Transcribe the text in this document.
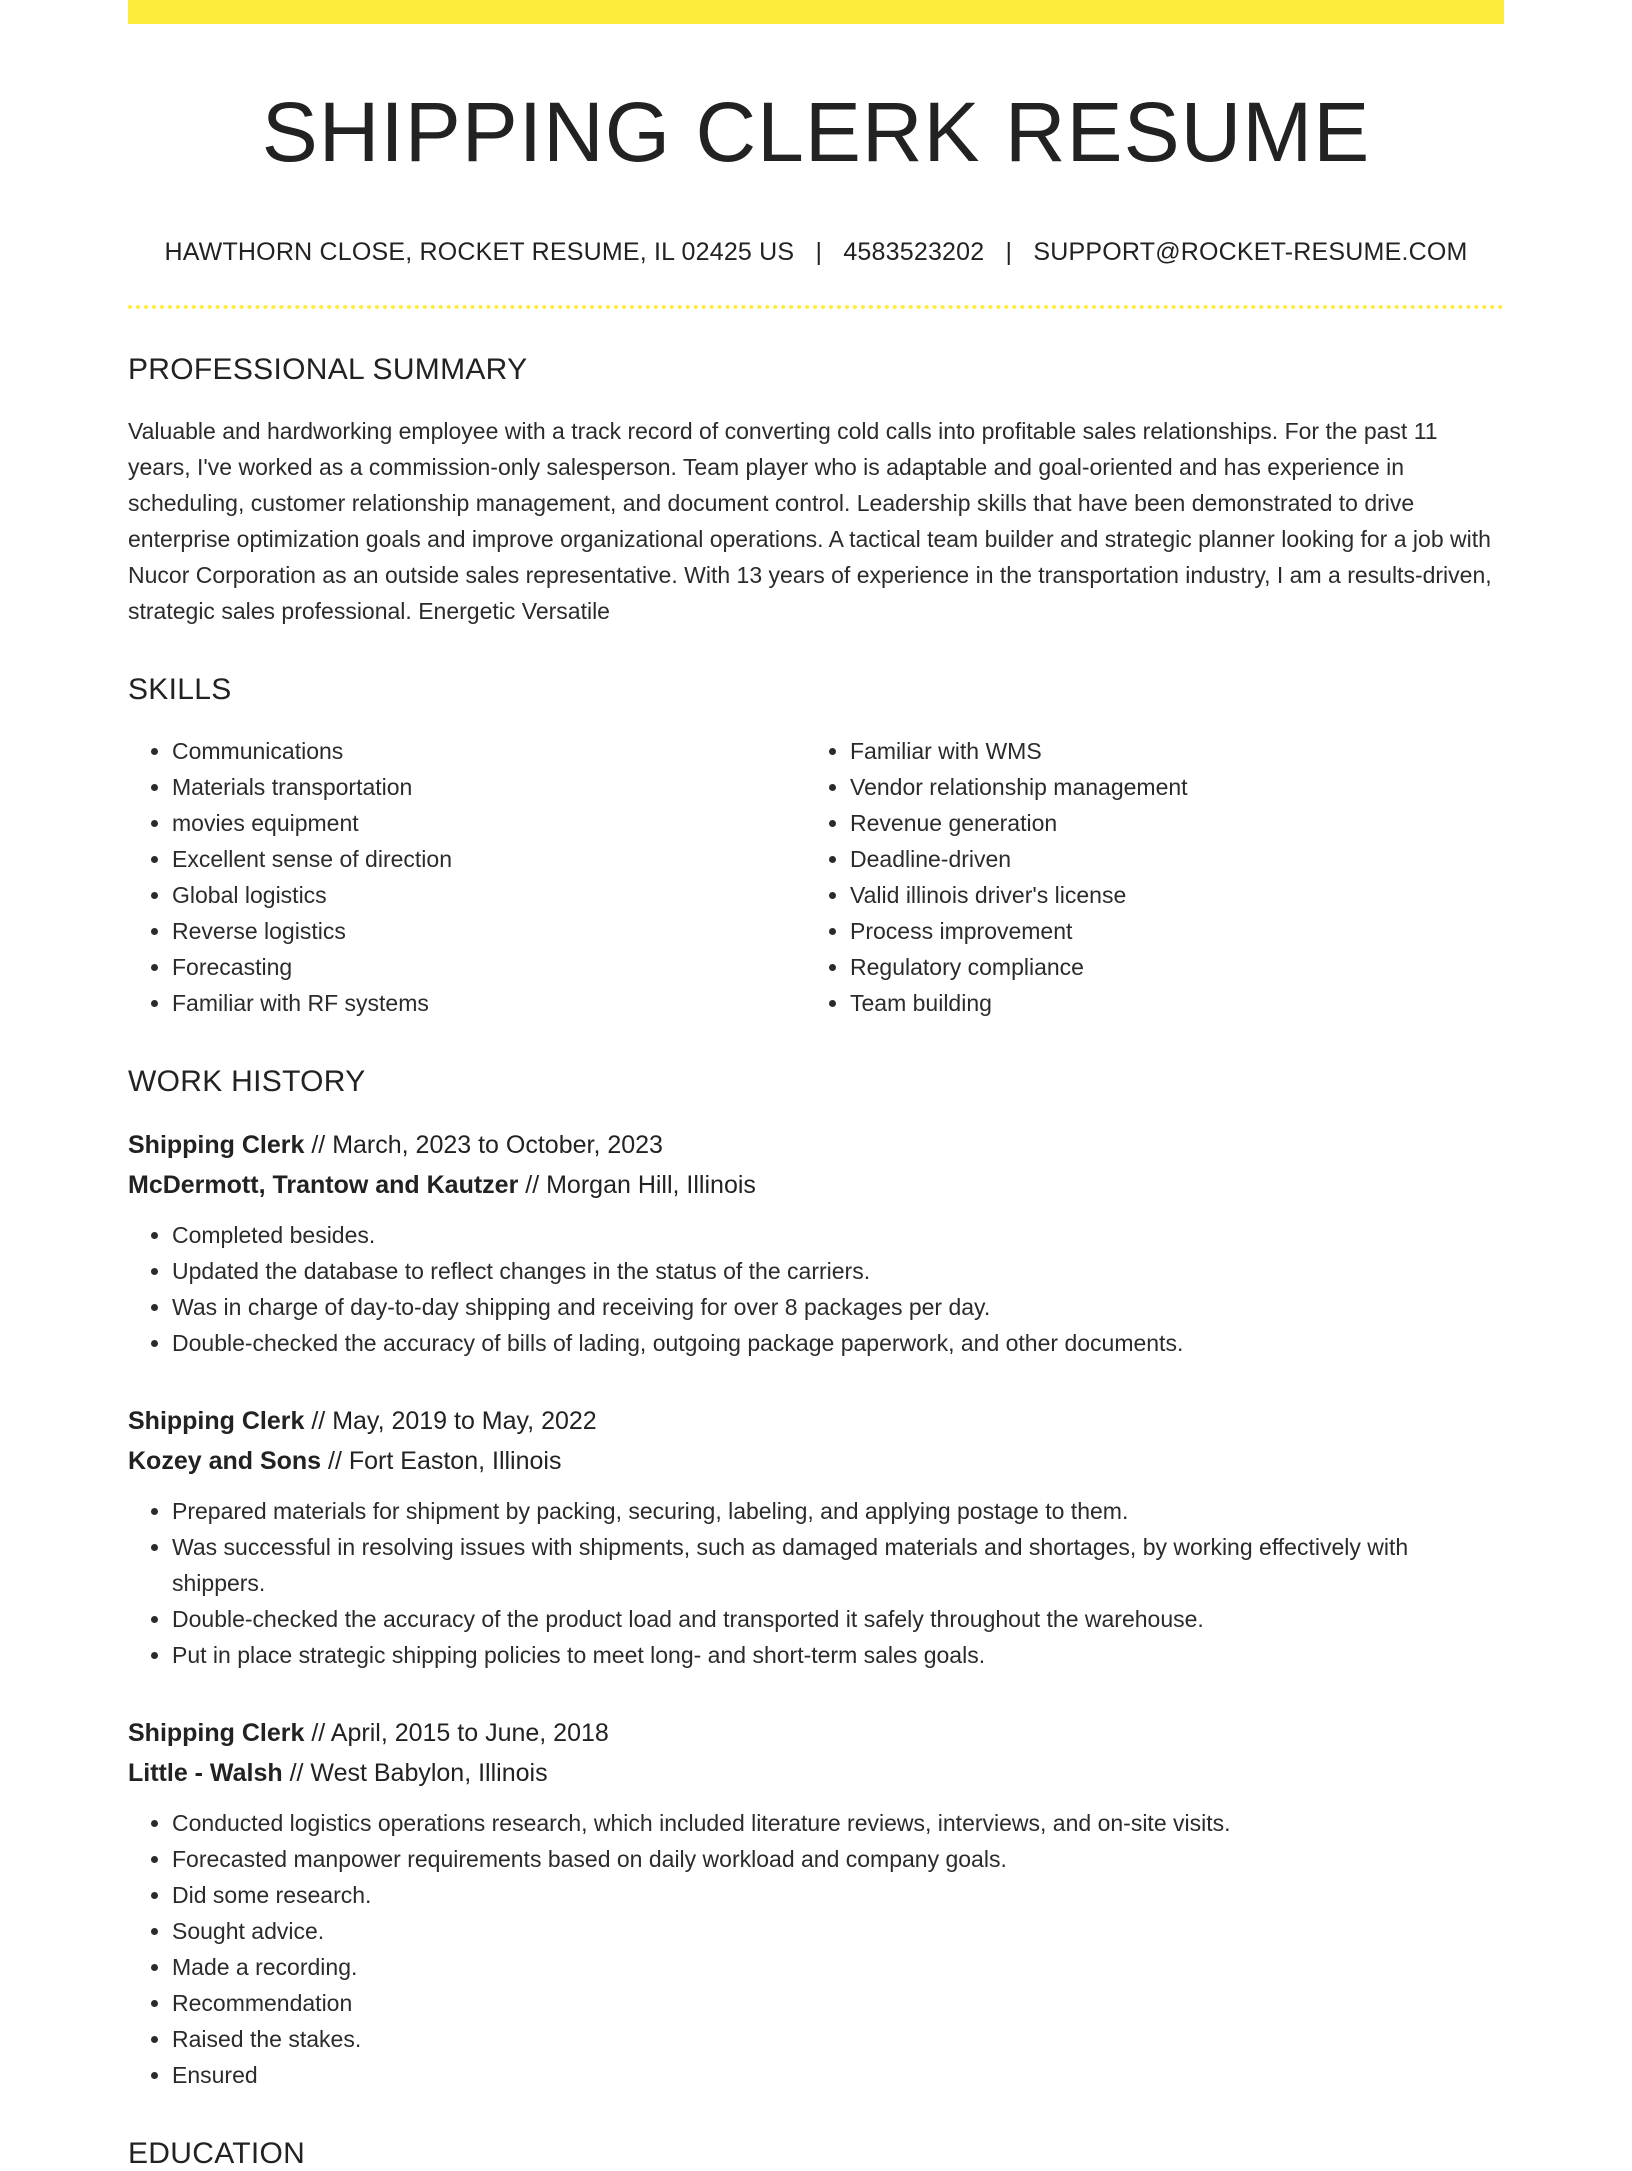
SHIPPING CLERK RESUME
HAWTHORN CLOSE, ROCKET RESUME, IL 02425 US | 4583523202 | SUPPORT@ROCKET-RESUME.COM
PROFESSIONAL SUMMARY
Valuable and hardworking employee with a track record of converting cold calls into profitable sales relationships. For the past 11 years, I've worked as a commission-only salesperson. Team player who is adaptable and goal-oriented and has experience in scheduling, customer relationship management, and document control. Leadership skills that have been demonstrated to drive enterprise optimization goals and improve organizational operations. A tactical team builder and strategic planner looking for a job with Nucor Corporation as an outside sales representative. With 13 years of experience in the transportation industry, I am a results-driven, strategic sales professional. Energetic Versatile
SKILLS
• Communications
• Materials transportation
• movies equipment
• Excellent sense of direction
• Global logistics
• Reverse logistics
• Forecasting
• Familiar with RF systems
• Familiar with WMS
• Vendor relationship management
• Revenue generation
• Deadline-driven
• Valid illinois driver's license
• Process improvement
• Regulatory compliance
• Team building
WORK HISTORY
Shipping Clerk // March, 2023 to October, 2023
McDermott, Trantow and Kautzer // Morgan Hill, Illinois
• Completed besides.
• Updated the database to reflect changes in the status of the carriers.
• Was in charge of day-to-day shipping and receiving for over 8 packages per day.
• Double-checked the accuracy of bills of lading, outgoing package paperwork, and other documents.
Shipping Clerk // May, 2019 to May, 2022
Kozey and Sons // Fort Easton, Illinois
• Prepared materials for shipment by packing, securing, labeling, and applying postage to them.
• Was successful in resolving issues with shipments, such as damaged materials and shortages, by working effectively with shippers.
• Double-checked the accuracy of the product load and transported it safely throughout the warehouse.
• Put in place strategic shipping policies to meet long- and short-term sales goals.
Shipping Clerk // April, 2015 to June, 2018
Little - Walsh // West Babylon, Illinois
• Conducted logistics operations research, which included literature reviews, interviews, and on-site visits.
• Forecasted manpower requirements based on daily workload and company goals.
• Did some research.
• Sought advice.
• Made a recording.
• Recommendation
• Raised the stakes.
• Ensured
EDUCATION
